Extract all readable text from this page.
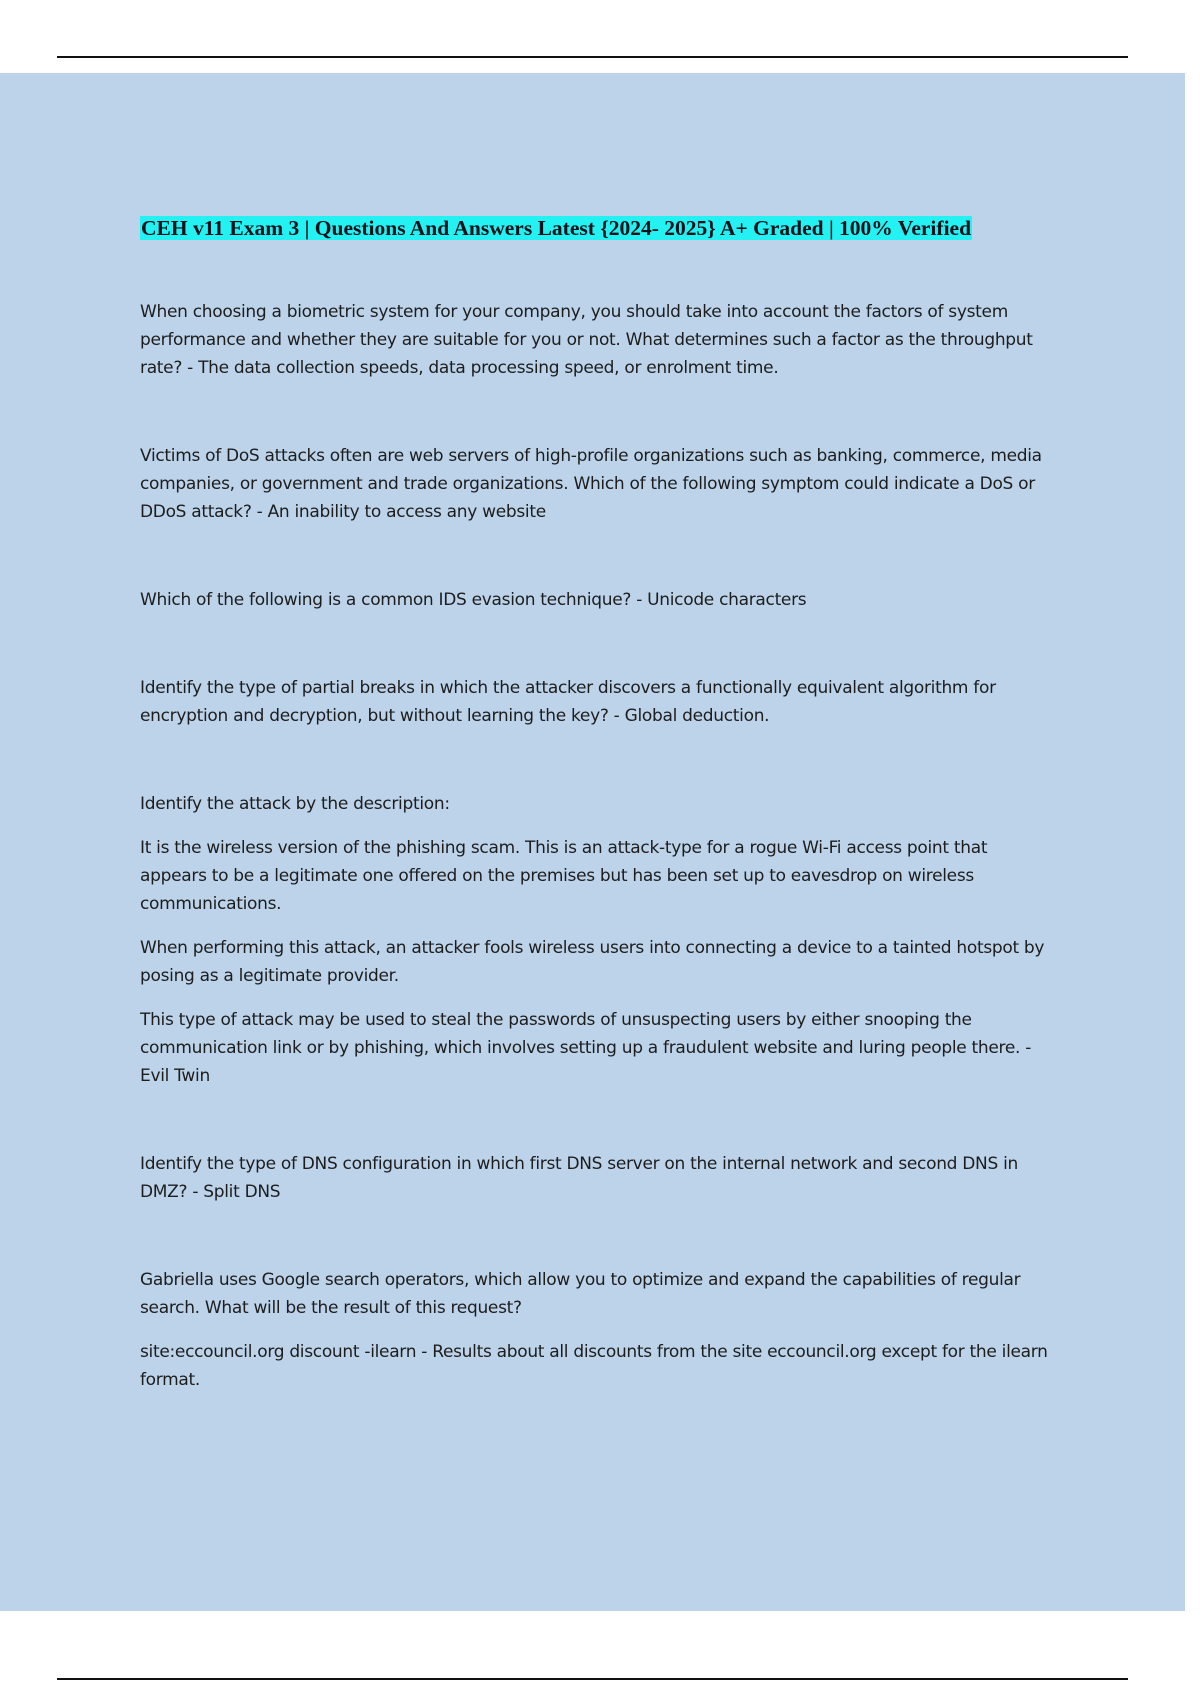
CEH v11 Exam 3 | Questions And Answers Latest {2024- 2025} A+ Graded | 100% Verified

When choosing a biometric system for your company, you should take into account the factors of system performance and whether they are suitable for you or not. What determines such a factor as the throughput rate? - The data collection speeds, data processing speed, or enrolment time.

Victims of DoS attacks often are web servers of high-profile organizations such as banking, commerce, media companies, or government and trade organizations. Which of the following symptom could indicate a DoS or DDoS attack? - An inability to access any website

Which of the following is a common IDS evasion technique? - Unicode characters

Identify the type of partial breaks in which the attacker discovers a functionally equivalent algorithm for encryption and decryption, but without learning the key? - Global deduction.

Identify the attack by the description:

It is the wireless version of the phishing scam. This is an attack-type for a rogue Wi-Fi access point that appears to be a legitimate one offered on the premises but has been set up to eavesdrop on wireless communications.

When performing this attack, an attacker fools wireless users into connecting a device to a tainted hotspot by posing as a legitimate provider.

This type of attack may be used to steal the passwords of unsuspecting users by either snooping the communication link or by phishing, which involves setting up a fraudulent website and luring people there. - Evil Twin

Identify the type of DNS configuration in which first DNS server on the internal network and second DNS in DMZ? - Split DNS

Gabriella uses Google search operators, which allow you to optimize and expand the capabilities of regular search. What will be the result of this request?

site:eccouncil.org discount -ilearn - Results about all discounts from the site eccouncil.org except for the ilearn format.
